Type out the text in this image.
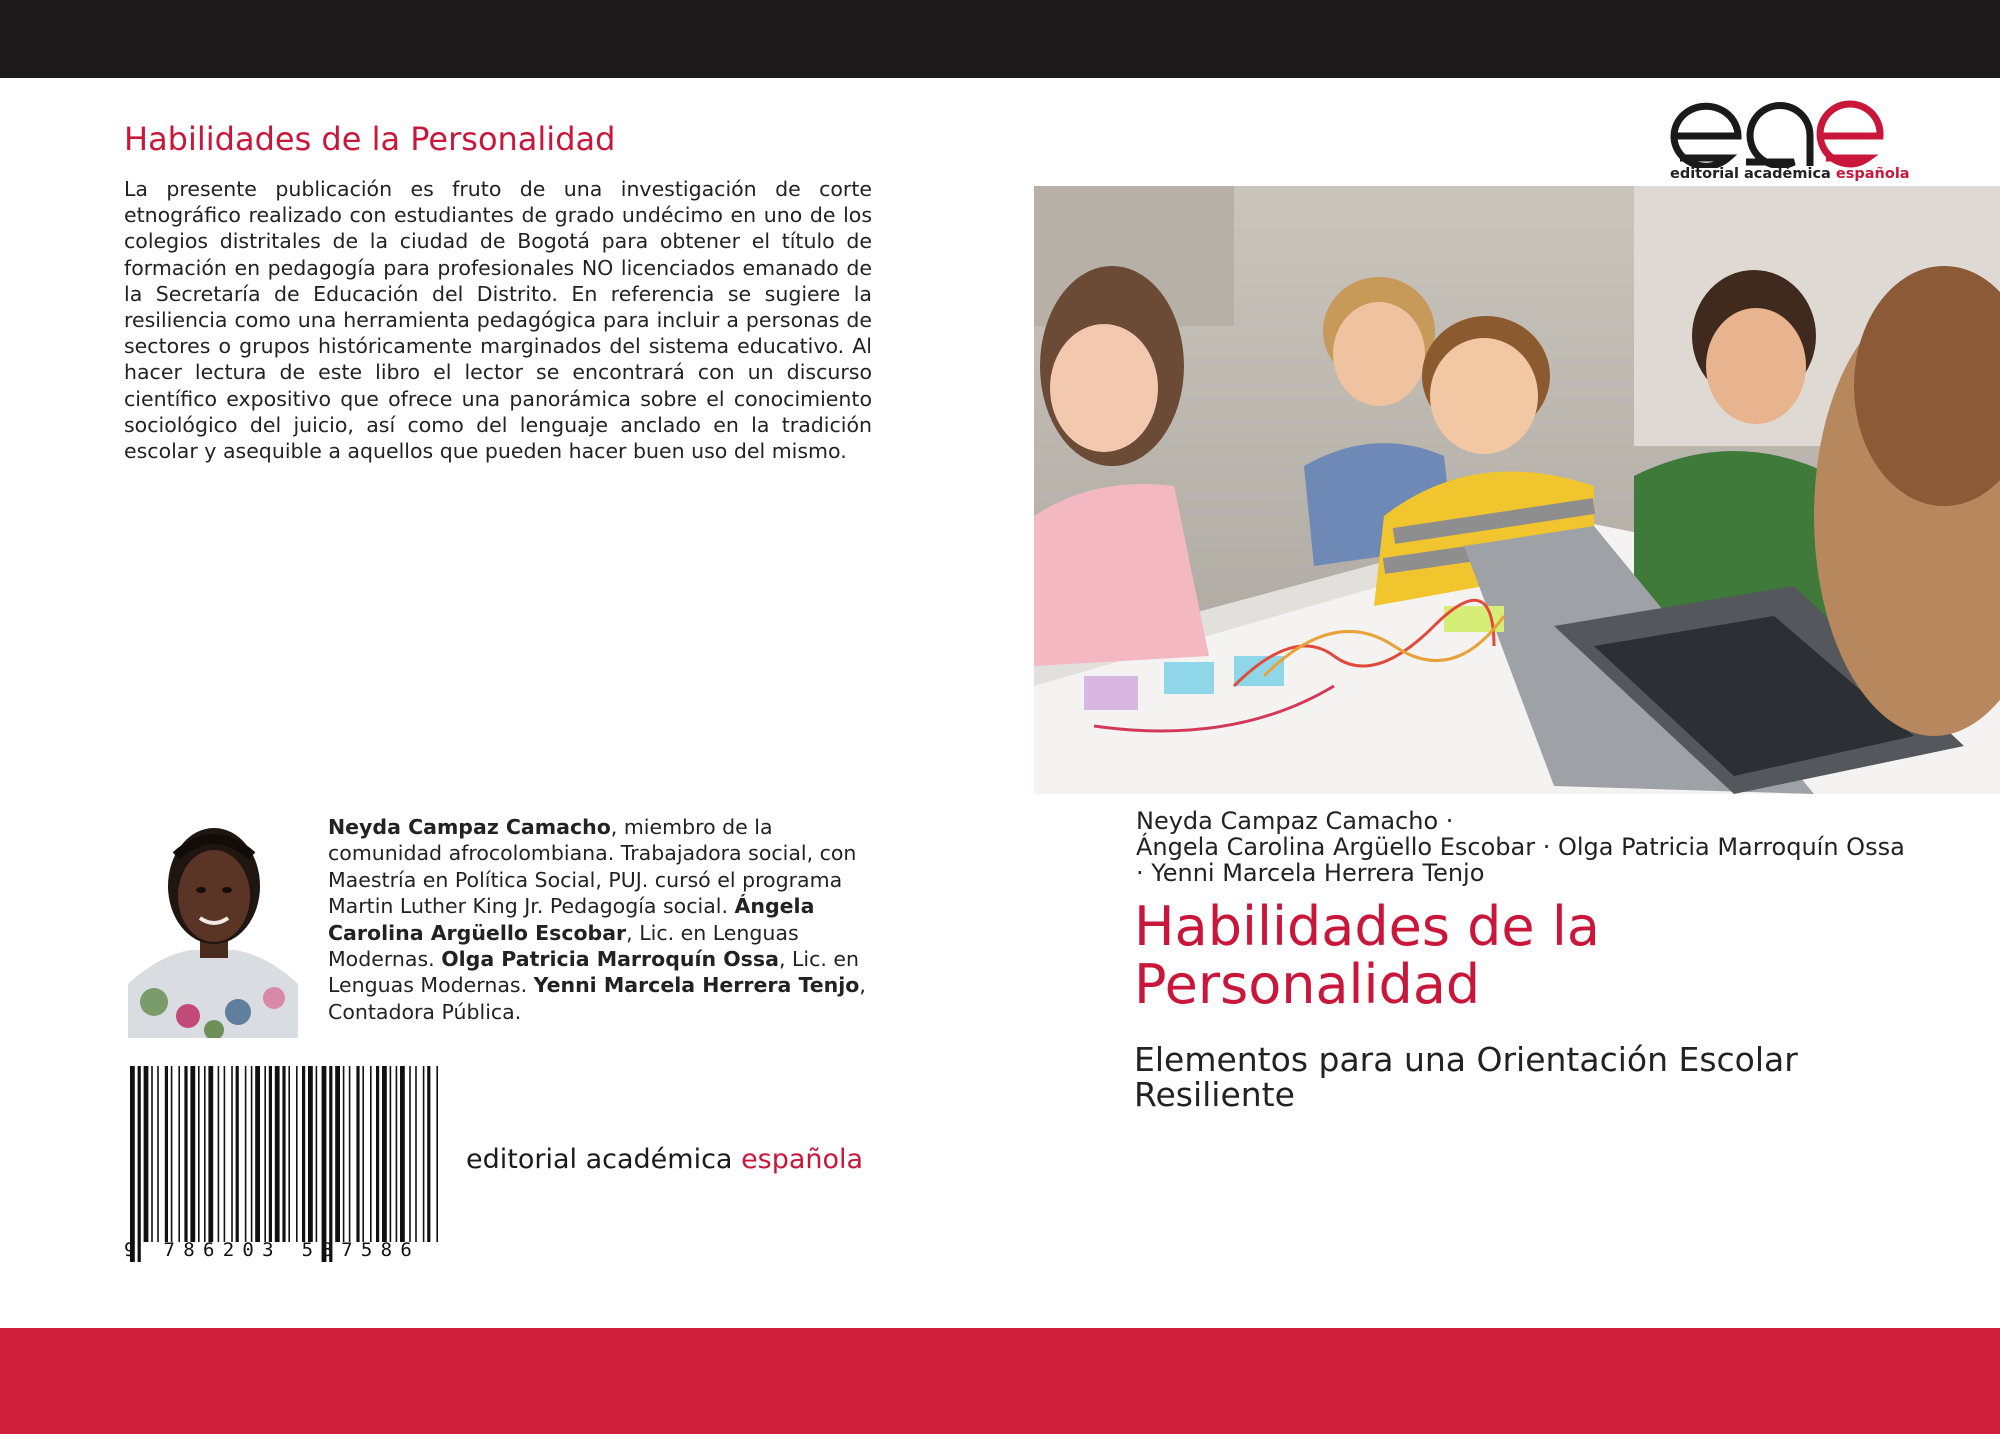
Habilidades de la Personalidad
La presente publicación es fruto de una investigación de corte etnográfico realizado con estudiantes de grado undécimo en uno de los colegios distritales de la ciudad de Bogotá para obtener el título de formación en pedagogía para profesionales NO licenciados emanado de la Secretaría de Educación del Distrito. En referencia se sugiere la resiliencia como una herramienta pedagógica para incluir a personas de sectores o grupos históricamente marginados del sistema educativo. Al hacer lectura de este libro el lector se encontrará con un discurso científico expositivo que ofrece una panorámica sobre el conocimiento sociológico del juicio, así como del lenguaje anclado en la tradición escolar y asequible a aquellos que pueden hacer buen uso del mismo.
Neyda Campaz Camacho, miembro de la comunidad afrocolombiana. Trabajadora social, con Maestría en Política Social, PUJ. cursó el programa Martin Luther King Jr. Pedagogía social. Ángela Carolina Argüello Escobar, Lic. en Lenguas Modernas. Olga Patricia Marroquín Ossa, Lic. en Lenguas Modernas. Yenni Marcela Herrera Tenjo, Contadora Pública.
9 786203 587586
editorial académica española
editorial académica española
Neyda Campaz Camacho ·
Ángela Carolina Argüello Escobar · Olga Patricia Marroquín Ossa
· Yenni Marcela Herrera Tenjo
Habilidades de la Personalidad
Elementos para una Orientación Escolar Resiliente
